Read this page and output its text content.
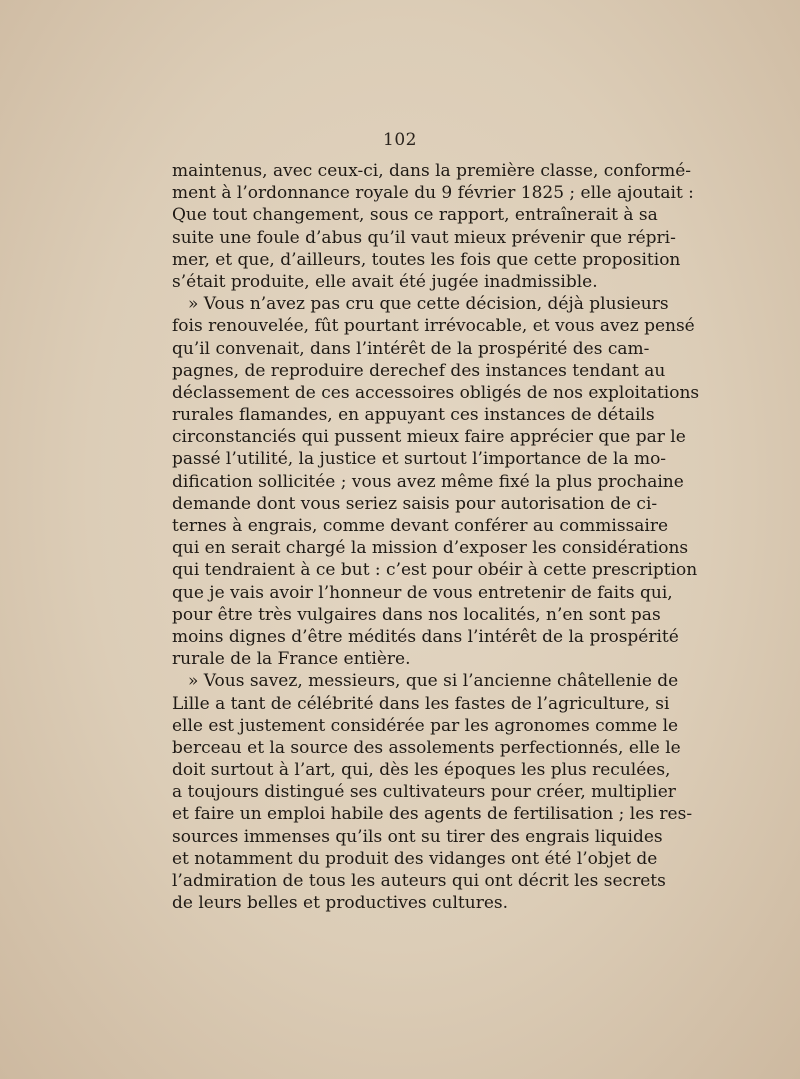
102
maintenus, avec ceux-ci, dans la première classe, conformé-
ment à l’ordonnance royale du 9 février 1825 ; elle ajoutait :
Que tout changement, sous ce rapport, entraînerait à sa
suite une foule d’abus qu’il vaut mieux prévenir que répri-
mer, et que, d’ailleurs, toutes les fois que cette proposition
s’était produite, elle avait été jugée inadmissible.
» Vous n’avez pas cru que cette décision, déjà plusieurs
fois renouvelée, fût pourtant irrévocable, et vous avez pensé
qu’il convenait, dans l’intérêt de la prospérité des cam-
pagnes, de reproduire derechef des instances tendant au
déclassement de ces accessoires obligés de nos exploitations
rurales flamandes, en appuyant ces instances de détails
circonstanciés qui pussent mieux faire apprécier que par le
passé l’utilité, la justice et surtout l’importance de la mo-
dification sollicitée ; vous avez même fixé la plus prochaine
demande dont vous seriez saisis pour autorisation de ci-
ternes à engrais, comme devant conférer au commissaire
qui en serait chargé la mission d’exposer les considérations
qui tendraient à ce but : c’est pour obéir à cette prescription
que je vais avoir l’honneur de vous entretenir de faits qui,
pour être très vulgaires dans nos localités, n’en sont pas
moins dignes d’être médités dans l’intérêt de la prospérité
rurale de la France entière.
» Vous savez, messieurs, que si l’ancienne châtellenie de
Lille a tant de célébrité dans les fastes de l’agriculture, si
elle est justement considérée par les agronomes comme le
berceau et la source des assolements perfectionnés, elle le
doit surtout à l’art, qui, dès les époques les plus reculées,
a toujours distingué ses cultivateurs pour créer, multiplier
et faire un emploi habile des agents de fertilisation ; les res-
sources immenses qu’ils ont su tirer des engrais liquides
et notamment du produit des vidanges ont été l’objet de
l’admiration de tous les auteurs qui ont décrit les secrets
de leurs belles et productives cultures.
